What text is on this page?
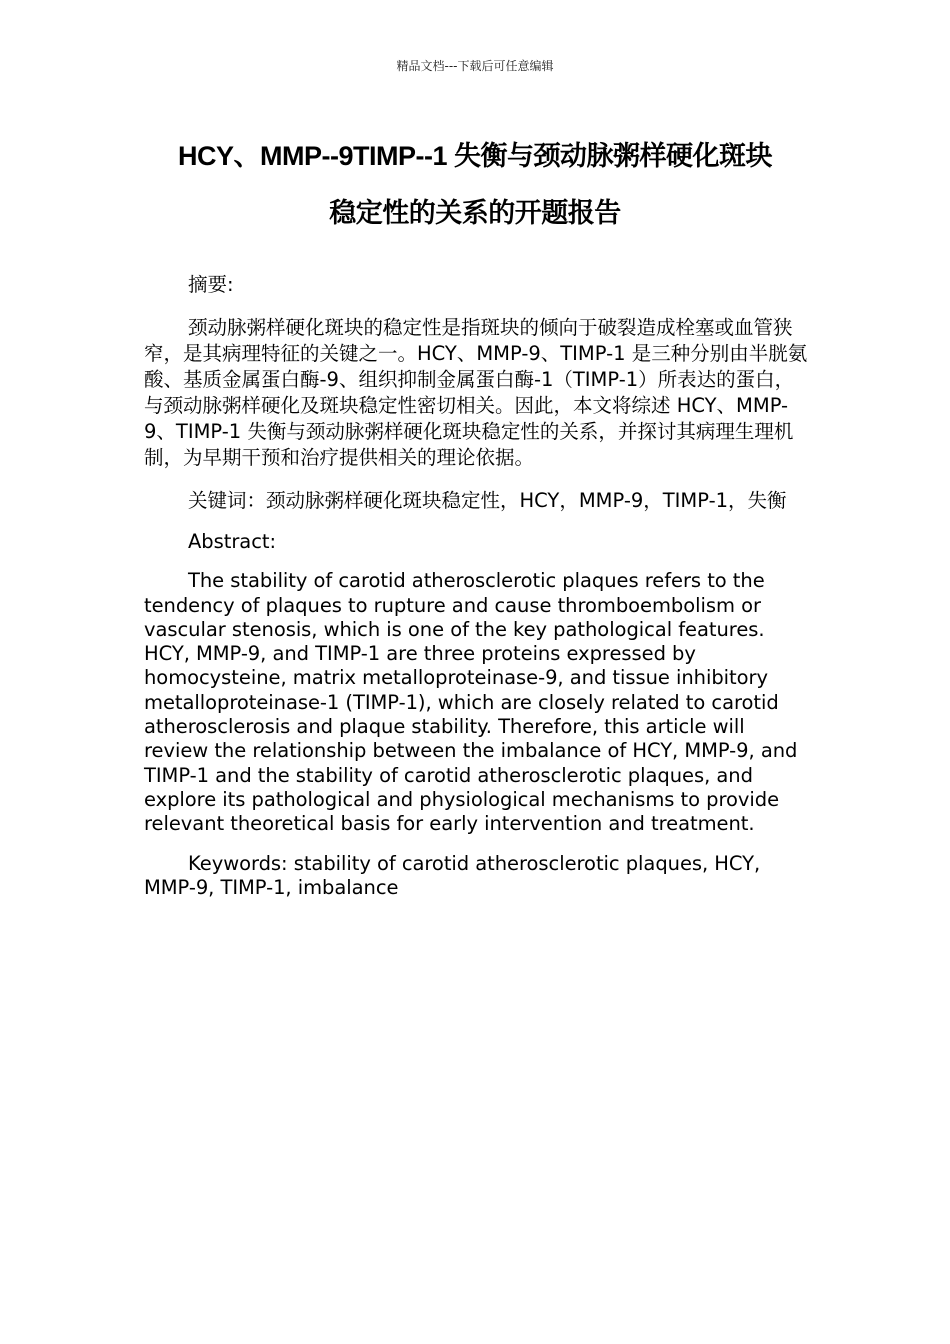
精品文档---下载后可任意编辑
HCY、MMP--9TIMP--1 失衡与颈动脉粥样硬化斑块
稳定性的关系的开题报告

摘要:

颈动脉粥样硬化斑块的稳定性是指斑块的倾向于破裂造成栓塞或血管狭窄，是其病理特征的关键之一。HCY、MMP-9、TIMP-1 是三种分别由半胱氨酸、基质金属蛋白酶-9、组织抑制金属蛋白酶-1（TIMP-1）所表达的蛋白，与颈动脉粥样硬化及斑块稳定性密切相关。因此，本文将综述 HCY、MMP-9、TIMP-1 失衡与颈动脉粥样硬化斑块稳定性的关系，并探讨其病理生理机制，为早期干预和治疗提供相关的理论依据。

关键词：颈动脉粥样硬化斑块稳定性，HCY，MMP-9，TIMP-1，失衡

Abstract:

The stability of carotid atherosclerotic plaques refers to the tendency of plaques to rupture and cause thromboembolism or vascular stenosis, which is one of the key pathological features. HCY, MMP-9, and TIMP-1 are three proteins expressed by homocysteine, matrix metalloproteinase-9, and tissue inhibitory metalloproteinase-1 (TIMP-1), which are closely related to carotid atherosclerosis and plaque stability. Therefore, this article will review the relationship between the imbalance of HCY, MMP-9, and TIMP-1 and the stability of carotid atherosclerotic plaques, and explore its pathological and physiological mechanisms to provide relevant theoretical basis for early intervention and treatment.

Keywords: stability of carotid atherosclerotic plaques, HCY, MMP-9, TIMP-1, imbalance
